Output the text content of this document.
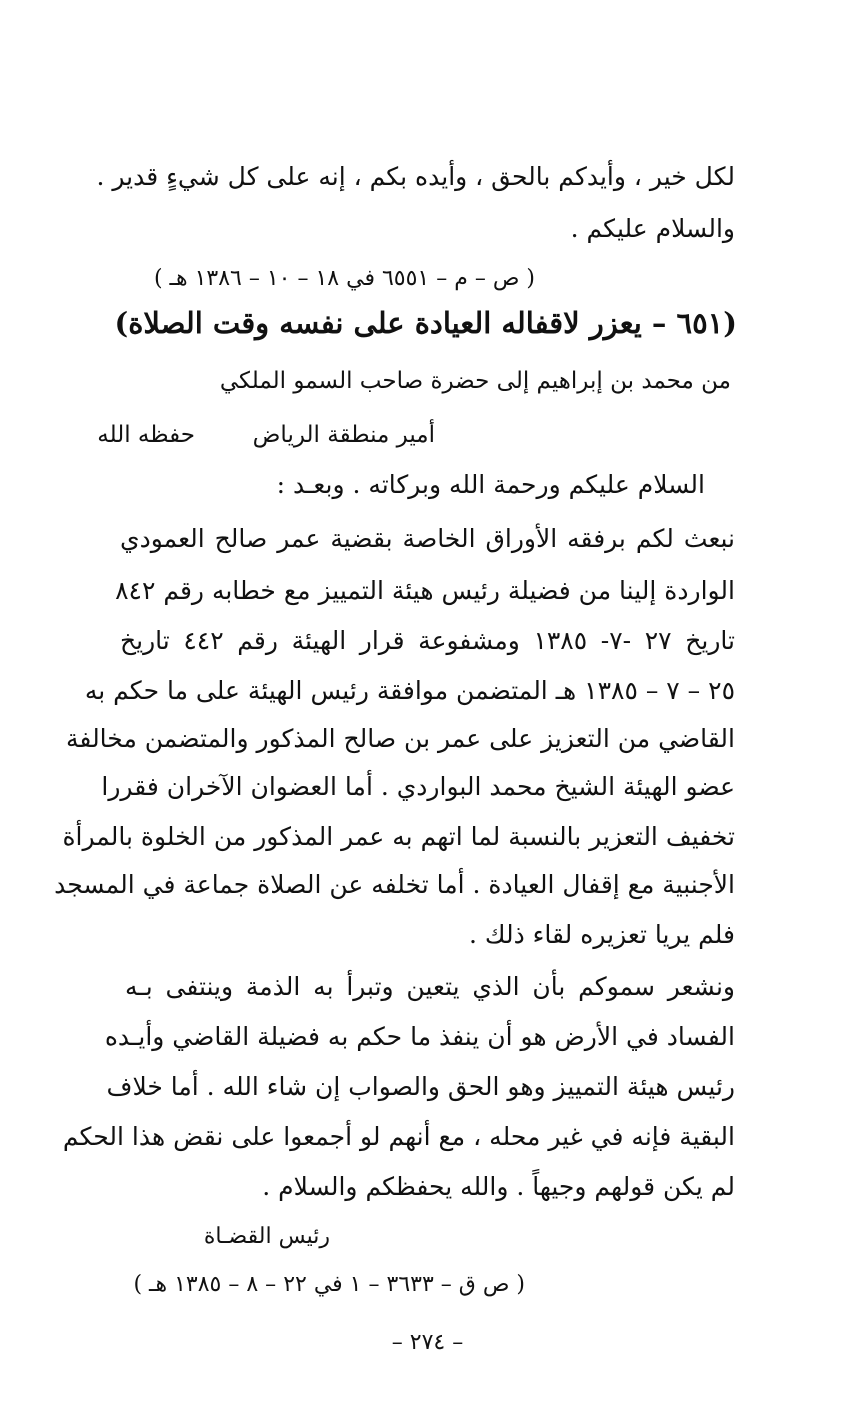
لكل خير ، وأيدكم بالحق ، وأيده بكم ، إنه على كل شيءٍ قدير .
والسلام عليكم .
( ص – م – ٦٥٥١ في ١٨ – ١٠ – ١٣٨٦ هـ )
(٦٥١ – يعزر لاقفاله العيادة على نفسه وقت الصلاة)
من محمد بن إبراهيم إلى حضرة صاحب السمو الملكي
أمير منطقة الرياض
حفظه الله
السلام عليكم ورحمة الله وبركاته . وبعـد :
نبعث لكم برفقه الأوراق الخاصة بقضية عمر صالح العمودي
الواردة إلينا من فضيلة رئيس هيئة التمييز مع خطابه رقم ٨٤٢
تاريخ ٢٧ -٧- ١٣٨٥ ومشفوعة قرار الهيئة رقم ٤٤٢ تاريخ
٢٥ – ٧ – ١٣٨٥ هـ المتضمن موافقة رئيس الهيئة على ما حكم به
القاضي من التعزيز على عمر بن صالح المذكور والمتضمن مخالفة
عضو الهيئة الشيخ محمد البواردي . أما العضوان الآخران فقررا
تخفيف التعزير بالنسبة لما اتهم به عمر المذكور من الخلوة بالمرأة
الأجنبية مع إقفال العيادة . أما تخلفه عن الصلاة جماعة في المسجد
فلم يريا تعزيره لقاء ذلك .
ونشعر سموكم بأن الذي يتعين وتبرأ به الذمة وينتفى بـه
الفساد في الأرض هو أن ينفذ ما حكم به فضيلة القاضي وأيـده
رئيس هيئة التمييز وهو الحق والصواب إن شاء الله . أما خلاف
البقية فإنه في غير محله ، مع أنهم لو أجمعوا على نقض هذا الحكم
لم يكن قولهم وجيهاً . والله يحفظكم والسلام .
رئيس القضـاة
( ص ق – ٣٦٣٣ – ١ في ٢٢ – ٨ – ١٣٨٥ هـ )
– ٢٧٤ –
